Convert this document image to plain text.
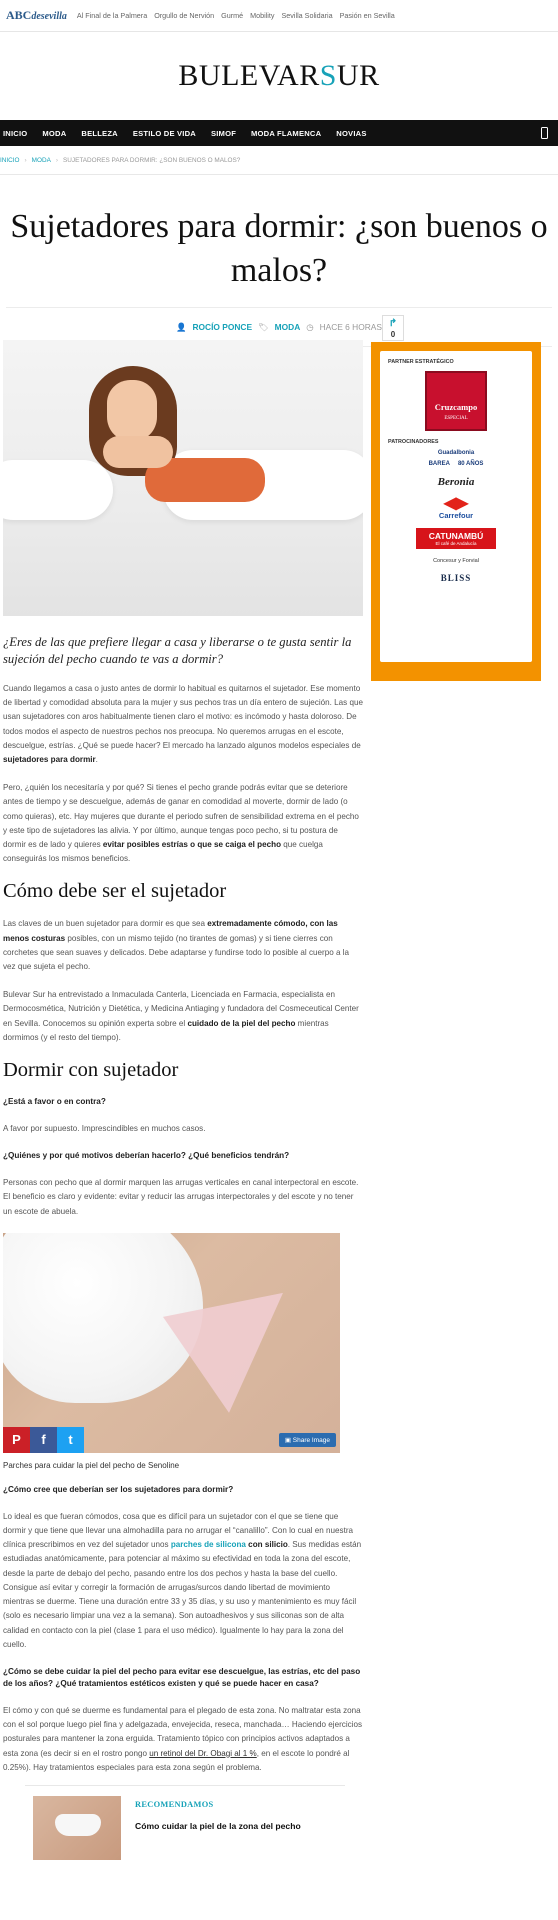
ABCdesevilla Al Final de la Palmera Orgullo de Nervión Gurmé Mobility Sevilla Solidaria Pasión en Sevilla
BULEVARSUR
INICIO MODA BELLEZA ESTILO DE VIDA SIMOF MODA FLAMENCA NOVIAS
INICIO › MODA › SUJETADORES PARA DORMIR: ¿SON BUENOS O MALOS?
Sujetadores para dormir: ¿son buenos o malos?
👤 ROCÍO PONCE 🏷 MODA ◷ HACE 6 HORAS ↱
0
PARTNER ESTRATÉGICO
Cruzcampo
ESPECIAL
PATROCINADORES
Guadalbonia
BAREA 80 AÑOS
Beronia
◀▶
Carrefour
CATUNAMBÚ
El café de Andalucía
Concesur y Forvial
BLISS

¿Eres de las que prefiere llegar a casa y liberarse o te gusta sentir la sujeción del pecho cuando te vas a dormir?

Cuando llegamos a casa o justo antes de dormir lo habitual es quitarnos el sujetador. Ese momento de libertad y comodidad absoluta para la mujer y sus pechos tras un día entero de sujeción. Las que usan sujetadores con aros habitualmente tienen claro el motivo: es incómodo y hasta doloroso. De todos modos el aspecto de nuestros pechos nos preocupa. No queremos arrugas en el escote, descuelgue, estrías. ¿Qué se puede hacer? El mercado ha lanzado algunos modelos especiales de sujetadores para dormir.

Pero, ¿quién los necesitaría y por qué? Si tienes el pecho grande podrás evitar que se deteriore antes de tiempo y se descuelgue, además de ganar en comodidad al moverte, dormir de lado (o como quieras), etc. Hay mujeres que durante el periodo sufren de sensibilidad extrema en el pecho y este tipo de sujetadores las alivia. Y por último, aunque tengas poco pecho, si tu postura de dormir es de lado y quieres evitar posibles estrías o que se caiga el pecho que cuelga conseguirás los mismos beneficios.

Cómo debe ser el sujetador

Las claves de un buen sujetador para dormir es que sea extremadamente cómodo, con las menos costuras posibles, con un mismo tejido (no tirantes de gomas) y si tiene cierres con corchetes que sean suaves y delicados. Debe adaptarse y fundirse todo lo posible al cuerpo a la vez que sujeta el pecho.

Bulevar Sur ha entrevistado a Inmaculada Canterla, Licenciada en Farmacia, especialista en Dermocosmética, Nutrición y Dietética, y Medicina Antiaging y fundadora del Cosmeceutical Center en Sevilla. Conocemos su opinión experta sobre el cuidado de la piel del pecho mientras dormimos (y el resto del tiempo).

Dormir con sujetador

¿Está a favor o en contra?

A favor por supuesto. Imprescindibles en muchos casos.

¿Quiénes y por qué motivos deberían hacerlo? ¿Qué beneficios tendrán?

Personas con pecho que al dormir marquen las arrugas verticales en canal interpectoral en escote. El beneficio es claro y evidente: evitar y reducir las arrugas interpectorales y del escote y no tener un escote de abuela.

P	f	t	▣ Share Image

Parches para cuidar la piel del pecho de Senoline

¿Cómo cree que deberían ser los sujetadores para dormir?

Lo ideal es que fueran cómodos, cosa que es difícil para un sujetador con el que se tiene que dormir y que tiene que llevar una almohadilla para no arrugar el “canalillo”. Con lo cual en nuestra clínica prescribimos en vez del sujetador unos parches de silicona con silicio. Sus medidas están estudiadas anatómicamente, para potenciar al máximo su efectividad en toda la zona del escote, desde la parte de debajo del pecho, pasando entre los dos pechos y hasta la base del cuello. Consigue así evitar y corregir la formación de arrugas/surcos dando libertad de movimiento mientras se duerme. Tiene una duración entre 33 y 35 días, y su uso y mantenimiento es muy fácil (solo es necesario limpiar una vez a la semana). Son autoadhesivos y sus siliconas son de alta calidad en contacto con la piel (clase 1 para el uso médico). Igualmente lo hay para la zona del cuello.

¿Cómo se debe cuidar la piel del pecho para evitar ese descuelgue, las estrías, etc del paso de los años? ¿Qué tratamientos estéticos existen y qué se puede hacer en casa?

El cómo y con qué se duerme es fundamental para el plegado de esta zona. No maltratar esta zona con el sol porque luego piel fina y adelgazada, envejecida, reseca, manchada… Haciendo ejercicios posturales para mantener la zona erguida. Tratamiento tópico con principios activos adaptados a esta zona (es decir si en el rostro pongo un retinol del Dr. Obagi al 1 %, en el escote lo pondré al 0.25%). Hay tratamientos especiales para esta zona según el problema.

RECOMENDAMOS
Cómo cuidar la piel de la zona del pecho
